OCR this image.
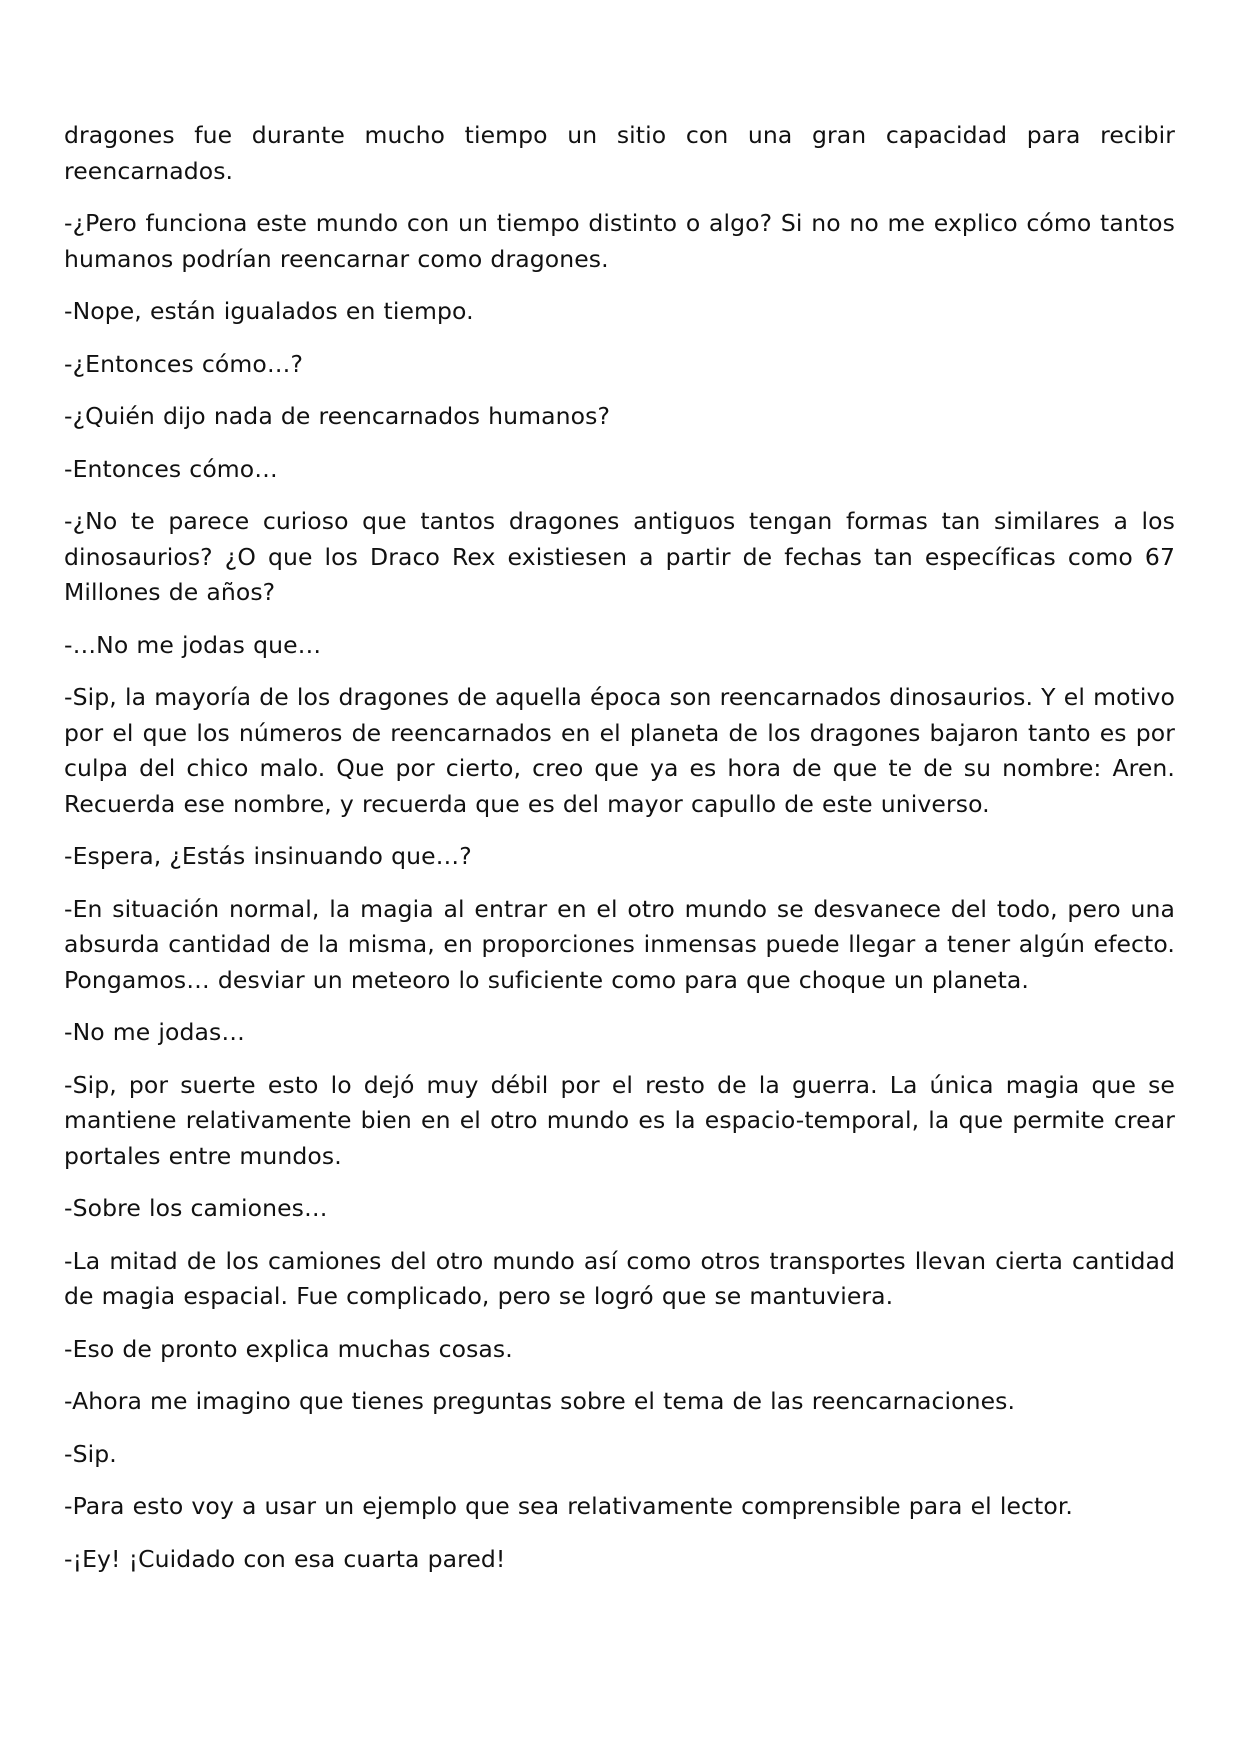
dragones fue durante mucho tiempo un sitio con una gran capacidad para recibir reencarnados.

-¿Pero funciona este mundo con un tiempo distinto o algo? Si no no me explico cómo tantos humanos podrían reencarnar como dragones.

-Nope, están igualados en tiempo.

-¿Entonces cómo…?

-¿Quién dijo nada de reencarnados humanos?

-Entonces cómo…

-¿No te parece curioso que tantos dragones antiguos tengan formas tan similares a los dinosaurios? ¿O que los Draco Rex existiesen a partir de fechas tan específicas como 67 Millones de años?

-…No me jodas que…

-Sip, la mayoría de los dragones de aquella época son reencarnados dinosaurios. Y el motivo por el que los números de reencarnados en el planeta de los dragones bajaron tanto es por culpa del chico malo. Que por cierto, creo que ya es hora de que te de su nombre: Aren. Recuerda ese nombre, y recuerda que es del mayor capullo de este universo.

-Espera, ¿Estás insinuando que…?

-En situación normal, la magia al entrar en el otro mundo se desvanece del todo, pero una absurda cantidad de la misma, en proporciones inmensas puede llegar a tener algún efecto. Pongamos… desviar un meteoro lo suficiente como para que choque un planeta.

-No me jodas…

-Sip, por suerte esto lo dejó muy débil por el resto de la guerra. La única magia que se mantiene relativamente bien en el otro mundo es la espacio-temporal, la que permite crear portales entre mundos.

-Sobre los camiones…

-La mitad de los camiones del otro mundo así como otros transportes llevan cierta cantidad de magia espacial. Fue complicado, pero se logró que se mantuviera.

-Eso de pronto explica muchas cosas.

-Ahora me imagino que tienes preguntas sobre el tema de las reencarnaciones.

-Sip.

-Para esto voy a usar un ejemplo que sea relativamente comprensible para el lector.

-¡Ey! ¡Cuidado con esa cuarta pared!
